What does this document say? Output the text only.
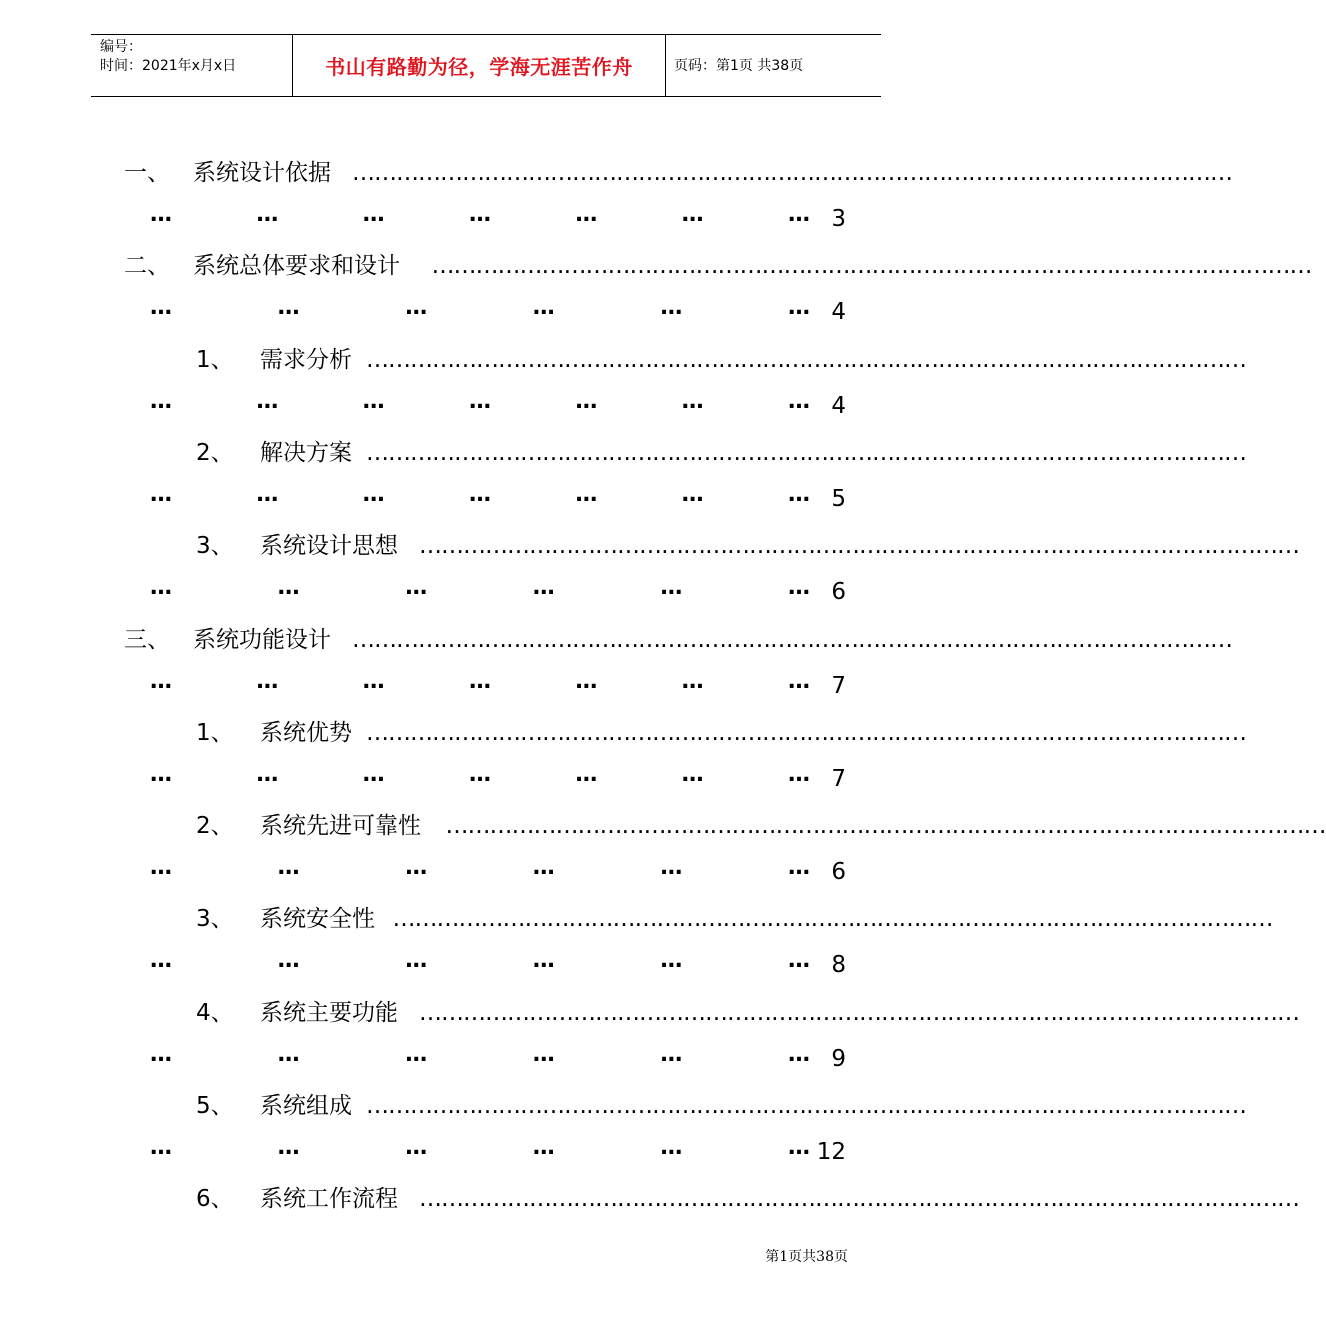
编号：
时间：2021年x月x日	书山有路勤为径，学海无涯苦作舟	页码：第1页 共38页
一、 系统设计依据 …………………………………………………………………………………………………………
…	…	…	…	…	…	… 3
二、 系统总体要求和设计 …………………………………………………………………………………………………………
…	…	…	…	…	… 4
1、 需求分析 …………………………………………………………………………………………………………
…	…	…	…	…	…	… 4
2、 解决方案 …………………………………………………………………………………………………………
…	…	…	…	…	…	… 5
3、 系统设计思想 …………………………………………………………………………………………………………
…	…	…	…	…	… 6
三、 系统功能设计 …………………………………………………………………………………………………………
…	…	…	…	…	…	… 7
1、 系统优势 …………………………………………………………………………………………………………
…	…	…	…	…	…	… 7
2、 系统先进可靠性 …………………………………………………………………………………………………………
…	…	…	…	…	… 6
3、 系统安全性 …………………………………………………………………………………………………………
…	…	…	…	…	… 8
4、 系统主要功能 …………………………………………………………………………………………………………
…	…	…	…	…	… 9
5、 系统组成 …………………………………………………………………………………………………………
…	…	…	…	…	… 12
6、 系统工作流程 …………………………………………………………………………………………………………
第1页共38页
